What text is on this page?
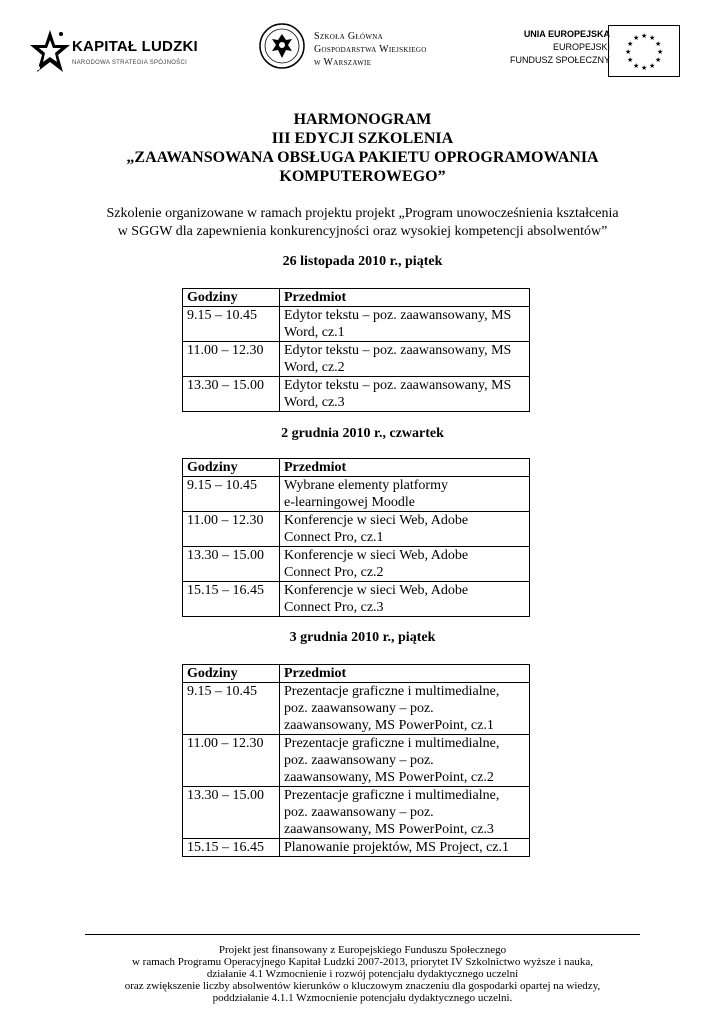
KAPITAŁ LUDZKI
NARODOWA STRATEGIA SPÓJNOŚCI
Szkoła Główna
Gospodarstwa Wiejskiego
w Warszawie
UNIA EUROPEJSKA
EUROPEJSKI
FUNDUSZ SPOŁECZNY
★ ★
★
★
★
★
★
★
★
★
★
★
HARMONOGRAM
III EDYCJI SZKOLENIA
„ZAAWANSOWANA OBSŁUGA PAKIETU OPROGRAMOWANIA
KOMPUTEROWEGO”
Szkolenie organizowane w ramach projektu projekt „Program unowocześnienia kształcenia
w SGGW dla zapewnienia konkurencyjności oraz wysokiej kompetencji absolwentów”
26 listopada 2010 r., piątek
Godziny	Przedmiot
9.15 – 10.45	Edytor tekstu – poz. zaawansowany, MS
Word, cz.1

11.00 – 12.30	Edytor tekstu – poz. zaawansowany, MS
Word, cz.2

13.30 – 15.00	Edytor tekstu – poz. zaawansowany, MS
Word, cz.3
2 grudnia 2010 r., czwartek
Godziny	Przedmiot
9.15 – 10.45	Wybrane elementy platformy
e-learningowej Moodle

11.00 – 12.30	Konferencje w sieci Web, Adobe
Connect Pro, cz.1

13.30 – 15.00	Konferencje w sieci Web, Adobe
Connect Pro, cz.2

15.15 – 16.45	Konferencje w sieci Web, Adobe
Connect Pro, cz.3
3 grudnia 2010 r., piątek
Godziny	Przedmiot
9.15 – 10.45	Prezentacje graficzne i multimedialne,
poz. zaawansowany – poz.
zaawansowany, MS PowerPoint, cz.1

11.00 – 12.30	Prezentacje graficzne i multimedialne,
poz. zaawansowany – poz.
zaawansowany, MS PowerPoint, cz.2

13.30 – 15.00	Prezentacje graficzne i multimedialne,
poz. zaawansowany – poz.
zaawansowany, MS PowerPoint, cz.3

15.15 – 16.45	Planowanie projektów, MS Project, cz.1
Projekt jest finansowany z Europejskiego Funduszu Społecznego
w ramach Programu Operacyjnego Kapitał Ludzki 2007-2013, priorytet IV Szkolnictwo wyższe i nauka,
działanie 4.1 Wzmocnienie i rozwój potencjału dydaktycznego uczelni
oraz zwiększenie liczby absolwentów kierunków o kluczowym znaczeniu dla gospodarki opartej na wiedzy,
poddziałanie 4.1.1 Wzmocnienie potencjału dydaktycznego uczelni.
